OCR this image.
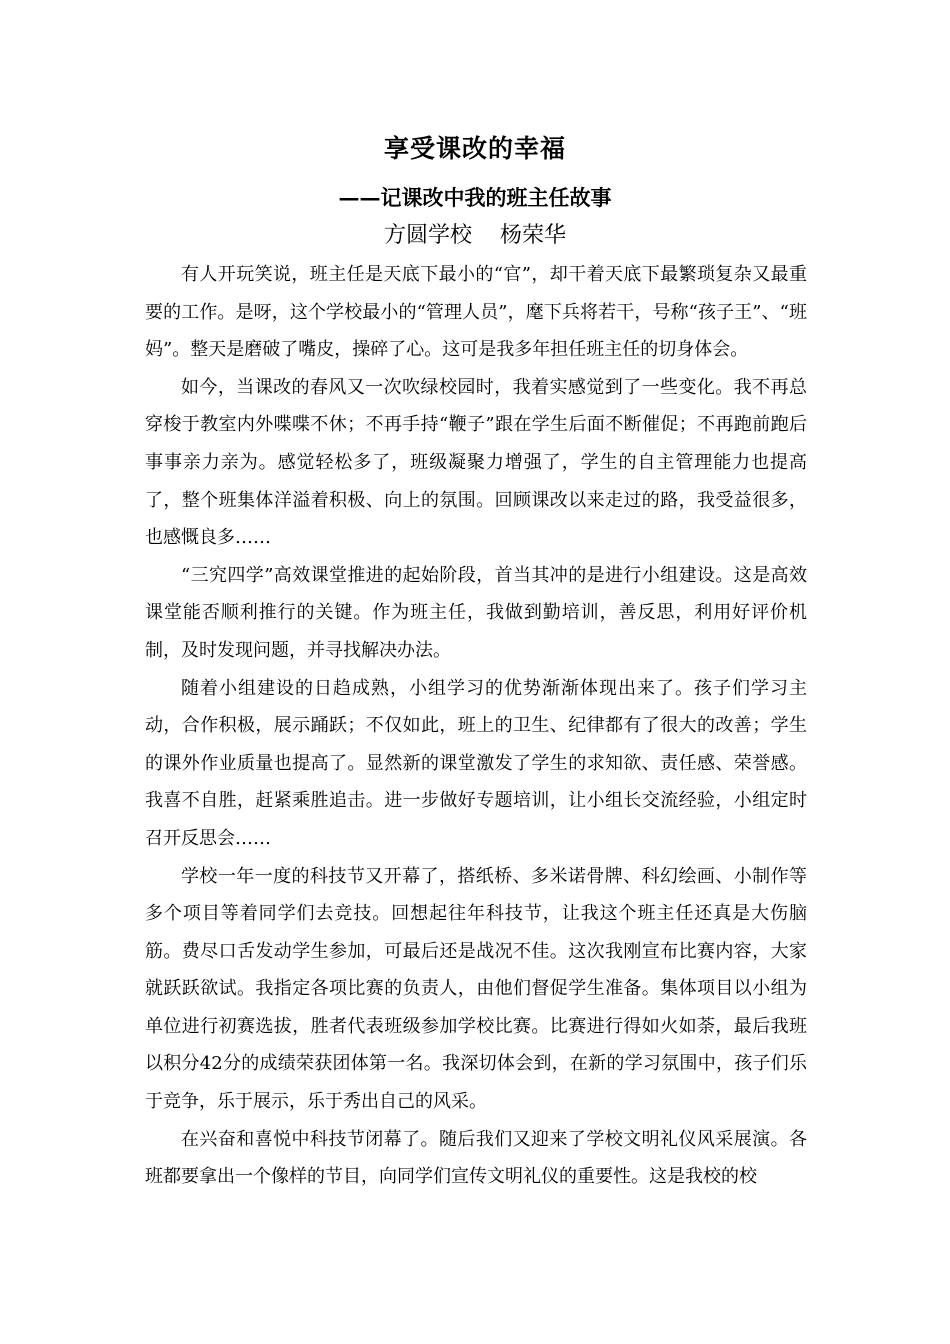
享受课改的幸福
——记课改中我的班主任故事
方圆学校    杨荣华

有人开玩笑说，班主任是天底下最小的“官”，却干着天底下最繁琐复杂又最重要的工作。是呀，这个学校最小的“管理人员”，麾下兵将若干，号称“孩子王”、“班妈”。整天是磨破了嘴皮，操碎了心。这可是我多年担任班主任的切身体会。

如今，当课改的春风又一次吹绿校园时，我着实感觉到了一些变化。我不再总穿梭于教室内外喋喋不休；不再手持“鞭子”跟在学生后面不断催促；不再跑前跑后事事亲力亲为。感觉轻松多了，班级凝聚力增强了，学生的自主管理能力也提高了，整个班集体洋溢着积极、向上的氛围。回顾课改以来走过的路，我受益很多，也感慨良多……

“三究四学”高效课堂推进的起始阶段，首当其冲的是进行小组建设。这是高效课堂能否顺利推行的关键。作为班主任，我做到勤培训，善反思，利用好评价机制，及时发现问题，并寻找解决办法。

随着小组建设的日趋成熟，小组学习的优势渐渐体现出来了。孩子们学习主动，合作积极，展示踊跃；不仅如此，班上的卫生、纪律都有了很大的改善；学生的课外作业质量也提高了。显然新的课堂激发了学生的求知欲、责任感、荣誉感。我喜不自胜，赶紧乘胜追击。进一步做好专题培训，让小组长交流经验，小组定时召开反思会……

学校一年一度的科技节又开幕了，搭纸桥、多米诺骨牌、科幻绘画、小制作等多个项目等着同学们去竞技。回想起往年科技节，让我这个班主任还真是大伤脑筋。费尽口舌发动学生参加，可最后还是战况不佳。这次我刚宣布比赛内容，大家就跃跃欲试。我指定各项比赛的负责人，由他们督促学生准备。集体项目以小组为单位进行初赛选拔，胜者代表班级参加学校比赛。比赛进行得如火如荼，最后我班以积分42分的成绩荣获团体第一名。我深切体会到，在新的学习氛围中，孩子们乐于竞争，乐于展示，乐于秀出自己的风采。

在兴奋和喜悦中科技节闭幕了。随后我们又迎来了学校文明礼仪风采展演。各班都要拿出一个像样的节目，向同学们宣传文明礼仪的重要性。这是我校的校
